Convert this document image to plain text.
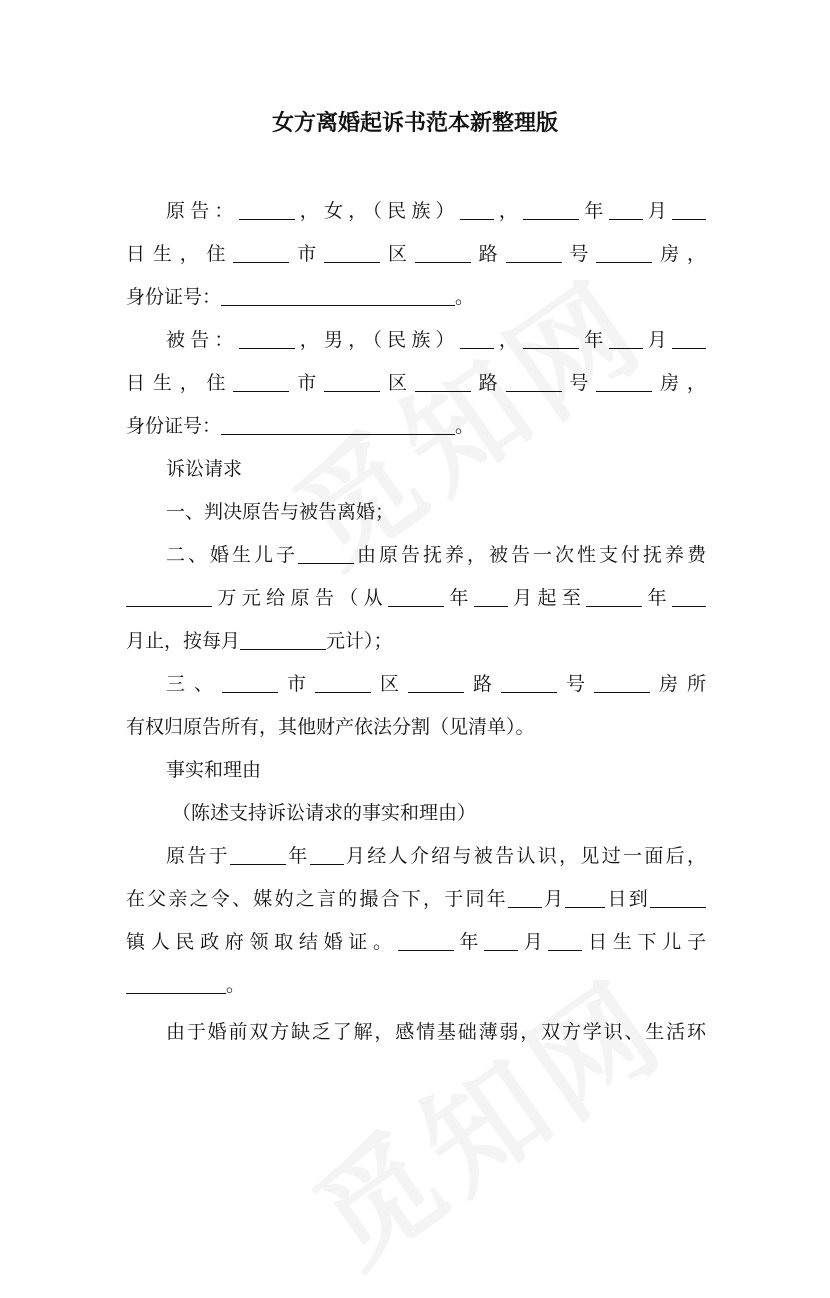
女方离婚起诉书范本新整理版
原告：	，女，（民族） ，	年 月
日生，住	市	区	路	号	房，
身份证号：	。
被告：	，男，（民族） ，	年 月
日生，住	市	区	路	号	房，
身份证号：	。
诉讼请求
一、判决原告与被告离婚；
二、婚生儿子	由原告抚养，被告一次性支付抚养费
万元给原告（从	年 月起至	年
月止，按每月	元计）；
三、	市	区	路	号	房所
有权归原告所有，其他财产依法分割（见清单）。
事实和理由
（陈述支持诉讼请求的事实和理由）
原告于	年 月经人介绍与被告认识，见过一面后，
在父亲之令、媒妁之言的撮合下，于同年 月 日到
镇人民政府领取结婚证。	年 月 日生下儿子
。
由于婚前双方缺乏了解，感情基础薄弱，双方学识、生活环
